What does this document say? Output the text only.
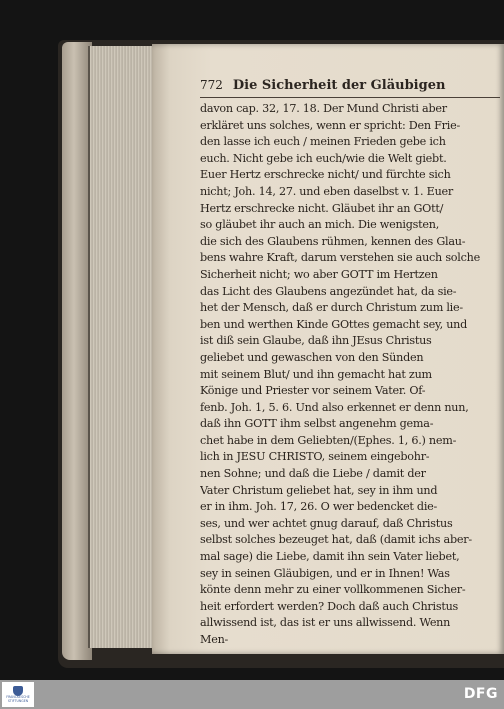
772 Die Sicherheit der Gläubigen
davon cap. 32, 17. 18. Der Mund Christi aber
erkläret uns solches, wenn er spricht: Den Frie-
den lasse ich euch / meinen Frieden gebe ich
euch. Nicht gebe ich euch/wie die Welt giebt.
Euer Hertz erschrecke nicht/ und fürchte sich
nicht; Joh. 14, 27. und eben daselbst v. 1. Euer
Hertz erschrecke nicht. Gläubet ihr an GOtt/
so gläubet ihr auch an mich. Die wenigsten,
die sich des Glaubens rühmen, kennen des Glau-
bens wahre Kraft, darum verstehen sie auch solche
Sicherheit nicht; wo aber GOTT im Hertzen
das Licht des Glaubens angezündet hat, da sie-
het der Mensch, daß er durch Christum zum lie-
ben und werthen Kinde GOttes gemacht sey, und
ist diß sein Glaube, daß ihn JEsus Christus
geliebet und gewaschen von den Sünden
mit seinem Blut/ und ihn gemacht hat zum
Könige und Priester vor seinem Vater. Of-
fenb. Joh. 1, 5. 6. Und also erkennet er denn nun,
daß ihn GOTT ihm selbst angenehm gema-
chet habe in dem Geliebten/(Ephes. 1, 6.) nem-
lich in JESU CHRISTO, seinem eingebohr-
nen Sohne; und daß die Liebe / damit der
Vater Christum geliebet hat, sey in ihm und
er in ihm. Joh. 17, 26. O wer bedencket die-
ses, und wer achtet gnug darauf, daß Christus
selbst solches bezeuget hat, daß (damit ichs aber-
mal sage) die Liebe, damit ihn sein Vater liebet,
sey in seinen Gläubigen, und er in Ihnen! Was
könte denn mehr zu einer vollkommenen Sicher-
heit erfordert werden? Doch daß auch Christus
allwissend ist, das ist er uns allwissend. Wenn
Men-
FRANCKESCHE STIFTUNGEN	DFG
